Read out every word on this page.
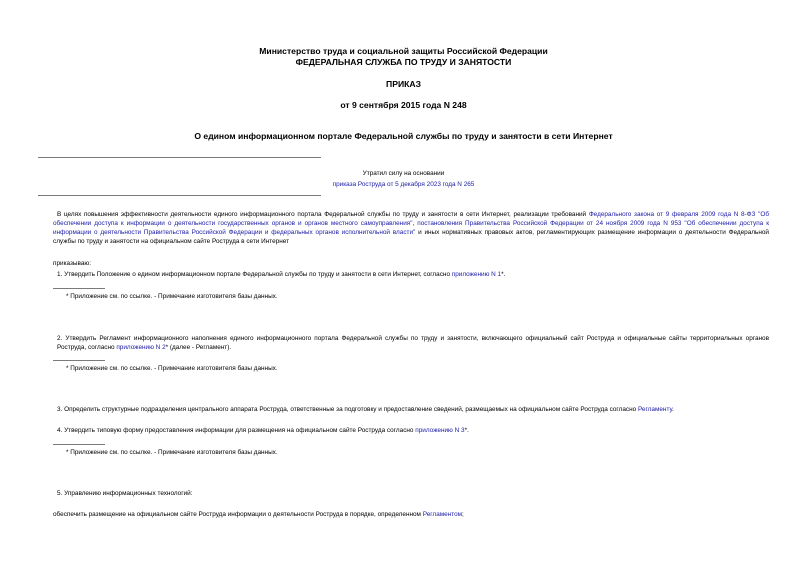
Министерство труда и социальной защиты Российской Федерации
ФЕДЕРАЛЬНАЯ СЛУЖБА ПО ТРУДУ И ЗАНЯТОСТИ
ПРИКАЗ
от 9 сентября 2015 года N 248
О едином информационном портале Федеральной службы по труду и занятости в сети Интернет
Утратил силу на основании
приказа Роструда от 5 декабря 2023 года N 265
В целях повышения эффективности деятельности единого информационного портала Федеральной службы по труду и занятости в сети Интернет, реализации требований Федерального закона от 9 февраля 2009 года N 8-ФЗ "Об обеспечении доступа к информации о деятельности государственных органов и органов местного самоуправления", постановления Правительства Российской Федерации от 24 ноября 2009 года N 953 "Об обеспечении доступа к информации о деятельности Правительства Российской Федерации и федеральных органов исполнительной власти" и иных нормативных правовых актов, регламентирующих размещение информации о деятельности Федеральной службы по труду и занятости на официальном сайте Роструда в сети Интернет
приказываю:
1. Утвердить Положение о едином информационном портале Федеральной службы по труду и занятости в сети Интернет, согласно приложению N 1*.
* Приложение см. по ссылке. - Примечание изготовителя базы данных.
2. Утвердить Регламент информационного наполнения единого информационного портала Федеральной службы по труду и занятости, включающего официальный сайт Роструда и официальные сайты территориальных органов Роструда, согласно приложению N 2* (далее - Регламент).
* Приложение см. по ссылке. - Примечание изготовителя базы данных.
3. Определить структурные подразделения центрального аппарата Роструда, ответственные за подготовку и предоставление сведений, размещаемых на официальном сайте Роструда согласно Регламенту.
4. Утвердить типовую форму предоставления информации для размещения на официальном сайте Роструда согласно приложению N 3*.
* Приложение см. по ссылке. - Примечание изготовителя базы данных.
5. Управлению информационных технологий:
обеспечить размещение на официальном сайте Роструда информации о деятельности Роструда в порядке, определенном Регламентом;
